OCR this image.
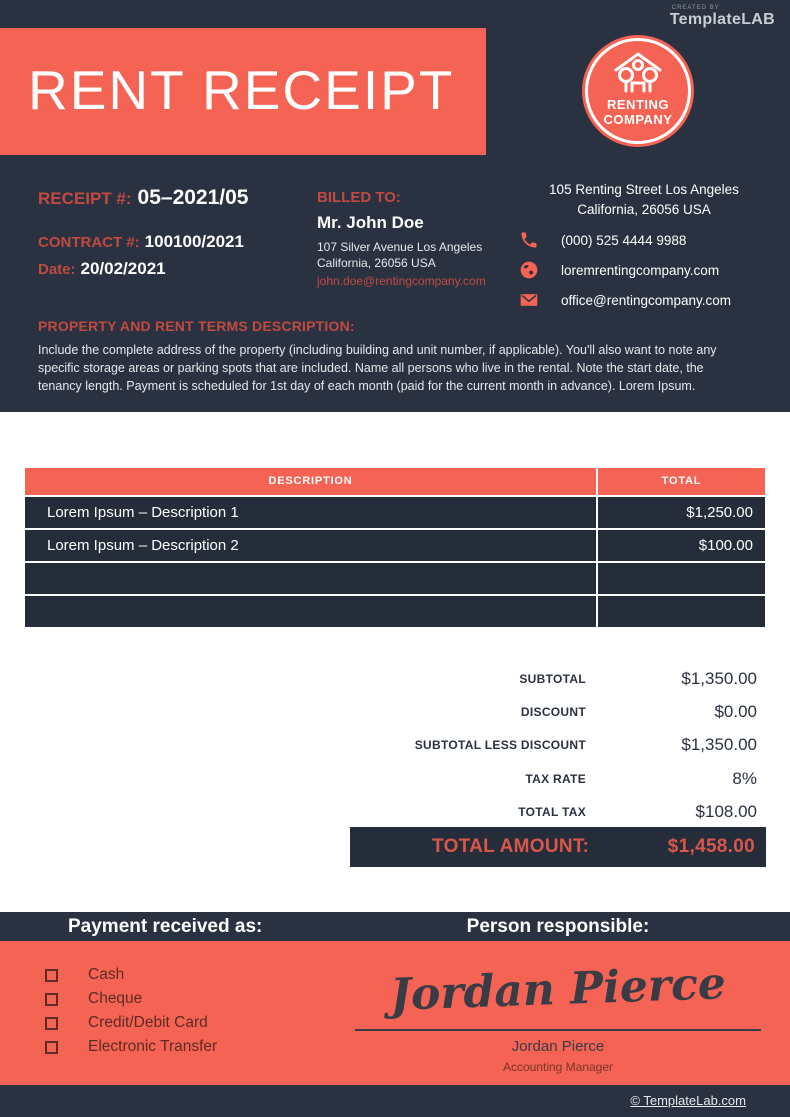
CREATED BY
TemplateLAB
RENT RECEIPT	RENTING
COMPANY
RECEIPT #: 05–2021/05
CONTRACT #: 100100/2021
Date: 20/02/2021
BILLED TO:
Mr. John Doe
107 Silver Avenue Los Angeles
California, 26056 USA
john.doe@rentingcompany.com
105 Renting Street Los Angeles
California, 26056 USA
(000) 525 4444 9988
loremrentingcompany.com
office@rentingcompany.com
PROPERTY AND RENT TERMS DESCRIPTION:
Include the complete address of the property (including building and unit number, if applicable). You'll also want to note any specific storage areas or parking spots that are included. Name all persons who live in the rental. Note the start date, the tenancy length. Payment is scheduled for 1st day of each month (paid for the current month in advance). Lorem Ipsum.
DESCRIPTION	TOTAL
Lorem Ipsum – Description 1	$1,250.00
Lorem Ipsum – Description 2	$100.00
SUBTOTAL	$1,350.00
DISCOUNT	$0.00
SUBTOTAL LESS DISCOUNT	$1,350.00
TAX RATE	8%
TOTAL TAX	$108.00
TOTAL AMOUNT:	$1,458.00
Payment received as:	Person responsible:
Cash
Cheque
Credit/Debit Card
Electronic Transfer
Jordan Pierce
Jordan Pierce
Accounting Manager
© TemplateLab.com
